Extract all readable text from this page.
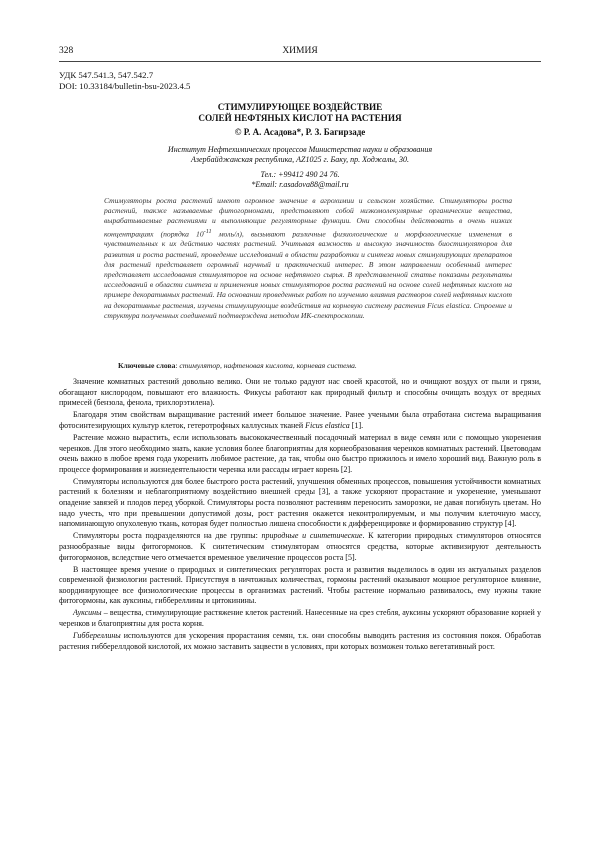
328	ХИМИЯ
УДК 547.541.3, 547.542.7
DOI: 10.33184/bulletin-bsu-2023.4.5
СТИМУЛИРУЮЩЕЕ ВОЗДЕЙСТВИЕ
СОЛЕЙ НЕФТЯНЫХ КИСЛОТ НА РАСТЕНИЯ
© Р. А. Асадова*, Р. З. Багирзаде
Институт Нефтехимических процессов Министерства науки и образования
Азербайджанская республика, AZ1025 г. Баку, пр. Ходжалы, 30.
Тел.: +99412 490 24 76.
*Email: r.asadova88@mail.ru
Стимуляторы роста растений имеют огромное значение в агрохимии и сельском хозяйстве. Стимуляторы роста растений, также называемые фитогормонами, представляют собой низкомолекулярные органические вещества, вырабатываемые растениями и выполняющие регуляторные функции. Они способны действовать в очень низких концентрациях (порядка $10^{-11}$ моль/л), вызывают различные физиологические и морфологические изменения в чувствительных к их действию частях растений. Учитывая важность и высокую значимость биостимуляторов для развития и роста растений, проведение исследований в области разработки и синтеза новых стимулирующих препаратов для растений представляет огромный научный и практический интерес. В этом направлении особенный интерес представляет исследования стимуляторов на основе нефтяного сырья. В представленной статье показаны результаты исследований в области синтеза и применения новых стимуляторов роста растений на основе солей нефтяных кислот на примере декоративных растений. На основании проведенных работ по изучению влияния растворов солей нефтяных кислот на декоративные растения, изучены стимулирующие воздействия на корневую систему растения Ficus elastica. Строение и структура полученных соединений подтверждена методом ИК-спектроскопии.
Ключевые слова: стимулятор, нафтеновая кислота, корневая система.

Значение комнатных растений довольно велико. Они не только радуют нас своей красотой, но и очищают воздух от пыли и грязи, обогащают кислородом, повышают его влажность. Фикусы работают как природный фильтр и способны очищать воздух от вредных примесей (бензола, фенола, трихлорэтилена).

Благодаря этим свойствам выращивание растений имеет большое значение. Ранее учеными была отработана система выращивания фотосинтезирующих культур клеток, гетеротрофных каллусных тканей Ficus elastica [1].

Растение можно вырастить, если использовать высококачественный посадочный материал в виде семян или с помощью укоренения черенков. Для этого необходимо знать, какие условия более благоприятны для корнеобразования черенков комнатных растений. Цветоводам очень важно в любое время года укоренить любимое растение, да так, чтобы оно быстро прижилось и имело хороший вид. Важную роль в процессе формирования и жизнедеятельности черенка или рассады играет корень [2].

Стимуляторы используются для более быстрого роста растений, улучшения обменных процессов, повышения устойчивости комнатных растений к болезням и неблагоприятному воздействию внешней среды [3], а также ускоряют прорастание и укоренение, уменьшают опадение завязей и плодов перед уборкой. Стимуляторы роста позволяют растениям переносить заморозки, не давая погибнуть цветам. Но надо учесть, что при превышении допустимой дозы, рост растения окажется неконтролируемым, и мы получим клеточную массу, напоминающую опухолевую ткань, которая будет полностью лишена способности к дифференцировке и формированию структур [4].

Стимуляторы роста подразделяются на две группы: природные и синтетические. К категории природных стимуляторов относятся разнообразные виды фитогормонов. К синтетическим стимуляторам относятся средства, которые активизируют деятельность фитогормонов, вследствие чего отмечается временное увеличение процессов роста [5].

В настоящее время учение о природных и синтетических регуляторах роста и развития выделилось в один из актуальных разделов современной физиологии растений. Присутствуя в ничтожных количествах, гормоны растений оказывают мощное регуляторное влияние, координирующее все физиологические процессы в организмах растений. Чтобы растение нормально развивалось, ему нужны такие фитогормоны, как ауксины, гиббереллины и цитокинины.

Ауксины – вещества, стимулирующие растяжение клеток растений. Нанесенные на срез стебля, ауксины ускоряют образование корней у черенков и благоприятны для роста корня.

Гиббереллины используются для ускорения прорастания семян, т.к. они способны выводить растения из состояния покоя. Обработав растения гиббереллдовой кислотой, их можно заставить зацвести в условиях, при которых возможен только вегетативный рост.
